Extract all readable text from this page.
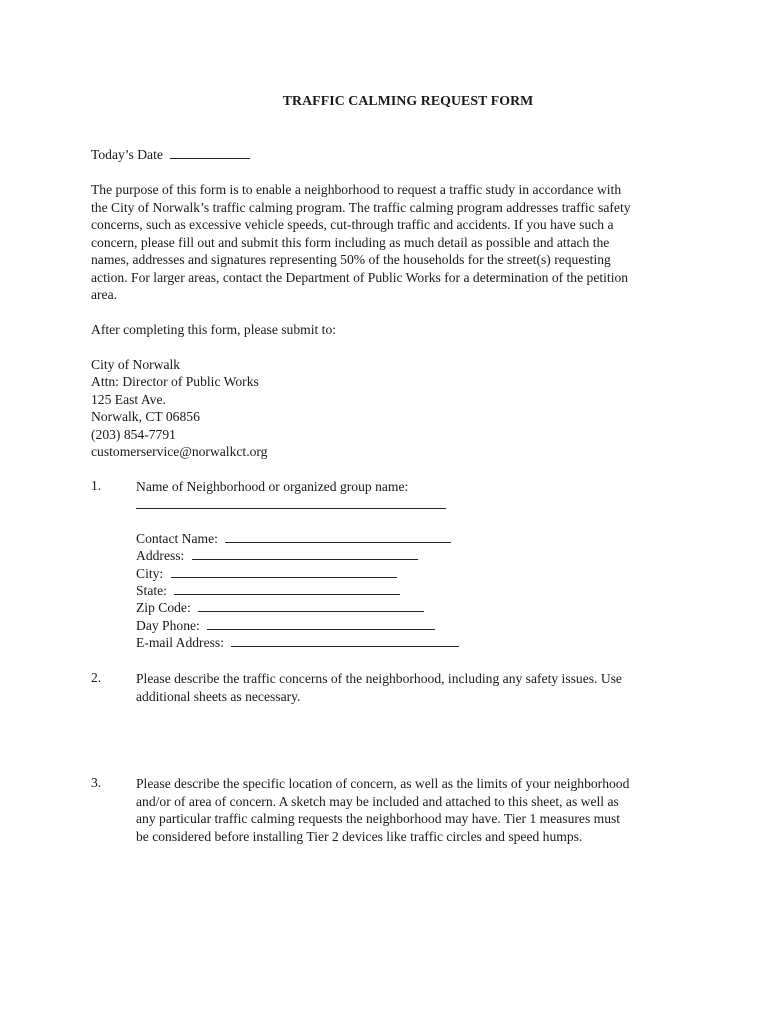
TRAFFIC CALMING REQUEST FORM
Today’s Date
The purpose of this form is to enable a neighborhood to request a traffic study in accordance with
the City of Norwalk’s traffic calming program. The traffic calming program addresses traffic safety
concerns, such as excessive vehicle speeds, cut-through traffic and accidents. If you have such a
concern, please fill out and submit this form including as much detail as possible and attach the
names, addresses and signatures representing 50% of the households for the street(s) requesting
action. For larger areas, contact the Department of Public Works for a determination of the petition
area.
After completing this form, please submit to:
City of Norwalk
Attn: Director of Public Works
125 East Ave.
Norwalk, CT 06856
(203) 854-7791
customerservice@norwalkct.org
1.	Name of Neighborhood or organized group name:
Contact Name:
Address:
City:
State:
Zip Code:
Day Phone:
E-mail Address:
2.	Please describe the traffic concerns of the neighborhood, including any safety issues. Use
additional sheets as necessary.
3.	Please describe the specific location of concern, as well as the limits of your neighborhood
and/or of area of concern. A sketch may be included and attached to this sheet, as well as
any particular traffic calming requests the neighborhood may have. Tier 1 measures must
be considered before installing Tier 2 devices like traffic circles and speed humps.
